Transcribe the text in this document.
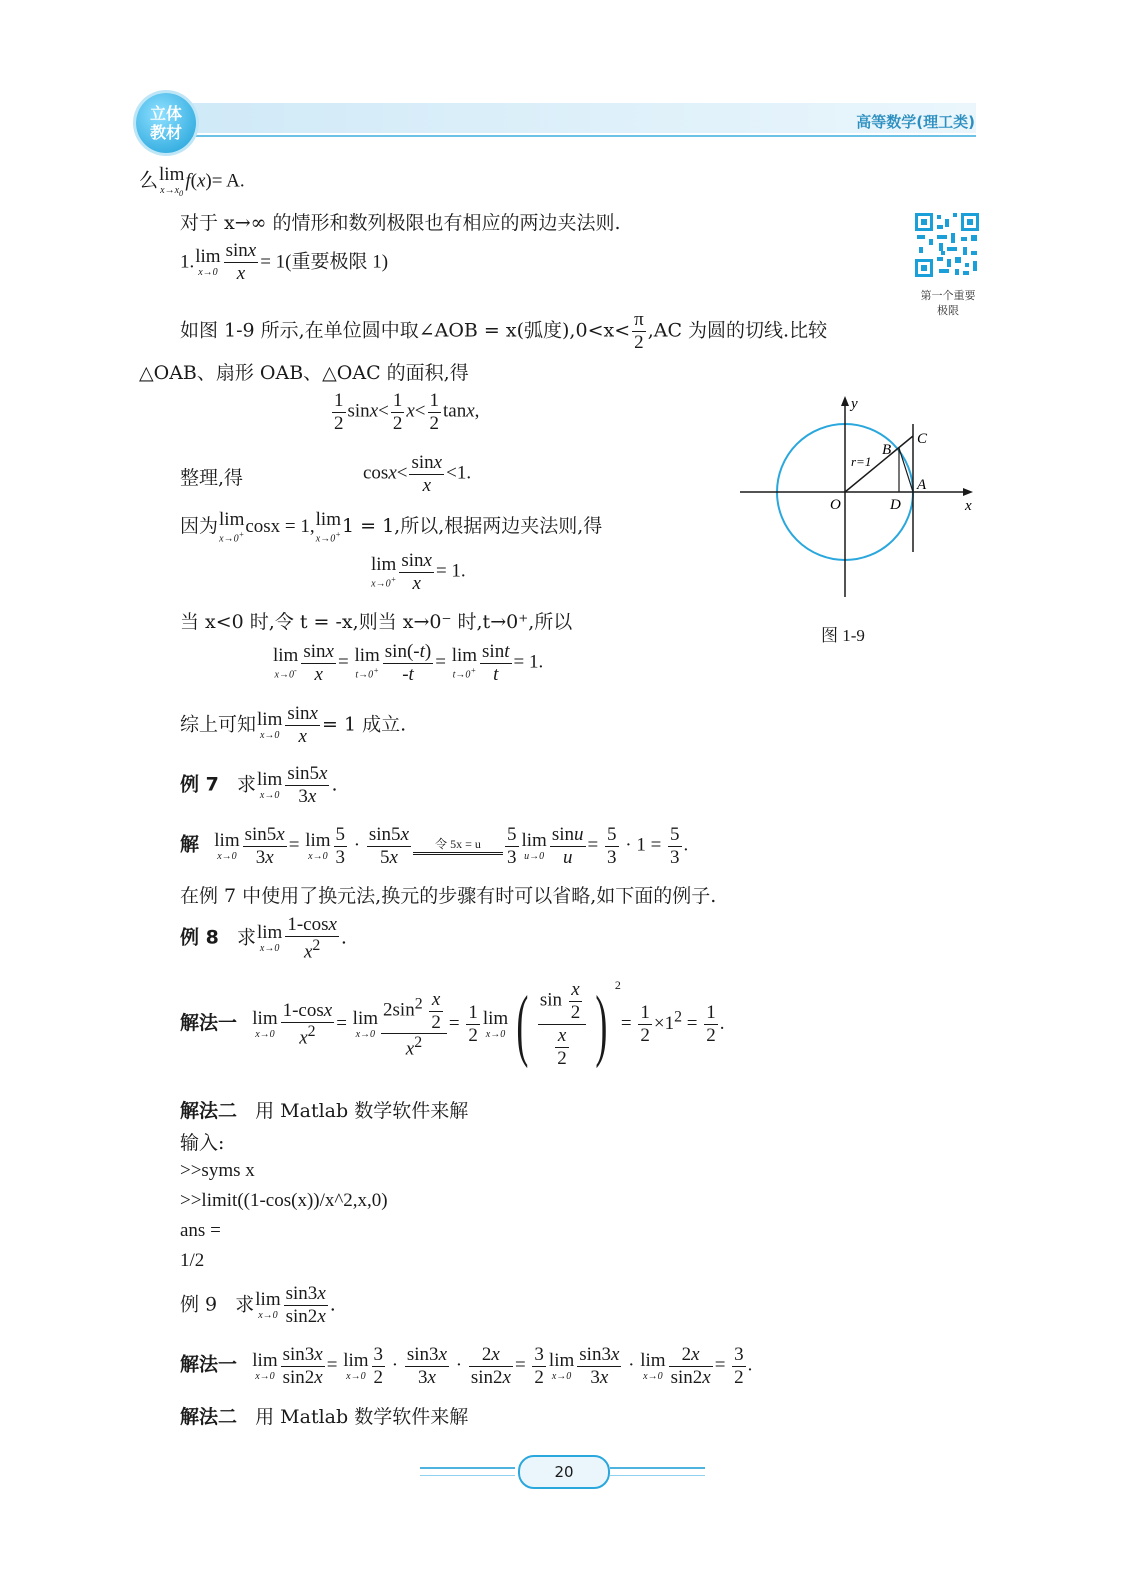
立体
教材
高等数学(理工类)
第一个重要
极限
么 lim
$x\to x_0$
f(x)= A.
对于 x→∞ 的情形和数列极限也有相应的两边夹法则.
1. lim
$x\to 0 \frac{\sin x}{x} = 1$(重要极限 1)
如图 1-9 所示,在单位圆中取∠AOB = x(弧度)$,0<x< \frac{\pi}{2} ,AC$ 为圆的切线.比较
△OAB、扇形 OAB、△OAC 的面积,得
$\frac{1}{2} \sin x< \frac{1}{2} x< \frac{1}{2} \tan x$,
整理,得	$\cos x< \frac{\sin x}{x} <1$.
因为 lim
x→0+ cosx = 1, lim
x→0+ 1 = 1,所以,根据两边夹法则,得
lim
$x\to 0^+ \frac{\sin x}{x} = 1$.
当 x<0 时,令 t = -x,则当 x→0⁻ 时,t→0⁺,所以
lim
$x\to 0^- \frac{\sin x}{x} = \lim$
$t\to 0^+ \frac{\sin(-t)}{-t} = \lim$
$t\to 0^+ \frac{\sin t}{t} = 1$.
综上可知 lim
$x\to 0 \frac{\sin x}{x} = 1$ 成立.
例 7 求 lim
$x\to 0 \frac{\sin 5x}{3x}$ .
解 lim
$x\to 0 \frac{\sin 5x}{3x} = \lim$
$x\to 0 \frac{5}{3} \cdot \frac{\sin 5x}{5x}$	令 5x = u	$\frac{5}{3}$ lim
$u\to 0 \frac{\sin u}{u} = \frac{5}{3} \cdot 1 = \frac{5}{3}$ .
在例 7 中使用了换元法,换元的步骤有时可以省略,如下面的例子.
例 8 求 lim
$x\to 0 \frac{1-\cos x}{x^2}$ .
解法一 lim
$x\to 0 \frac{1-\cos x}{x^2} = \lim$
$x\to 0 \frac{2\sin^2 \frac{x}{2}}{x^2} = \frac{1}{2}$ lim
x→0 ( $\frac{\sin \frac{x}{2}}{\frac{x}{2}}$ ) $^2= \frac{1}{2} \times 1^2 = \frac{1}{2}$ .
解法二 用 Matlab 数学软件来解
输入:
>>syms x
>>limit((1-cos(x))/x^2,x,0)
ans =
1/2
例 9 求 lim
$x\to 0 \frac{\sin 3x}{\sin 2x}$ .
解法一 lim
$x\to 0 \frac{\sin 3x}{\sin 2x} = \lim$
$x\to 0 \frac{3}{2} \cdot \frac{\sin 3x}{3x} \cdot \frac{2x}{\sin 2x} = \frac{3}{2}$ lim
$x\to 0 \frac{\sin 3x}{3x} \cdot \lim$
$x\to 0 \frac{2x}{\sin 2x} = \frac{3}{2}$ .
解法二 用 Matlab 数学软件来解
y
x
O	D
A
B
C
r=1
图 1-9
20
